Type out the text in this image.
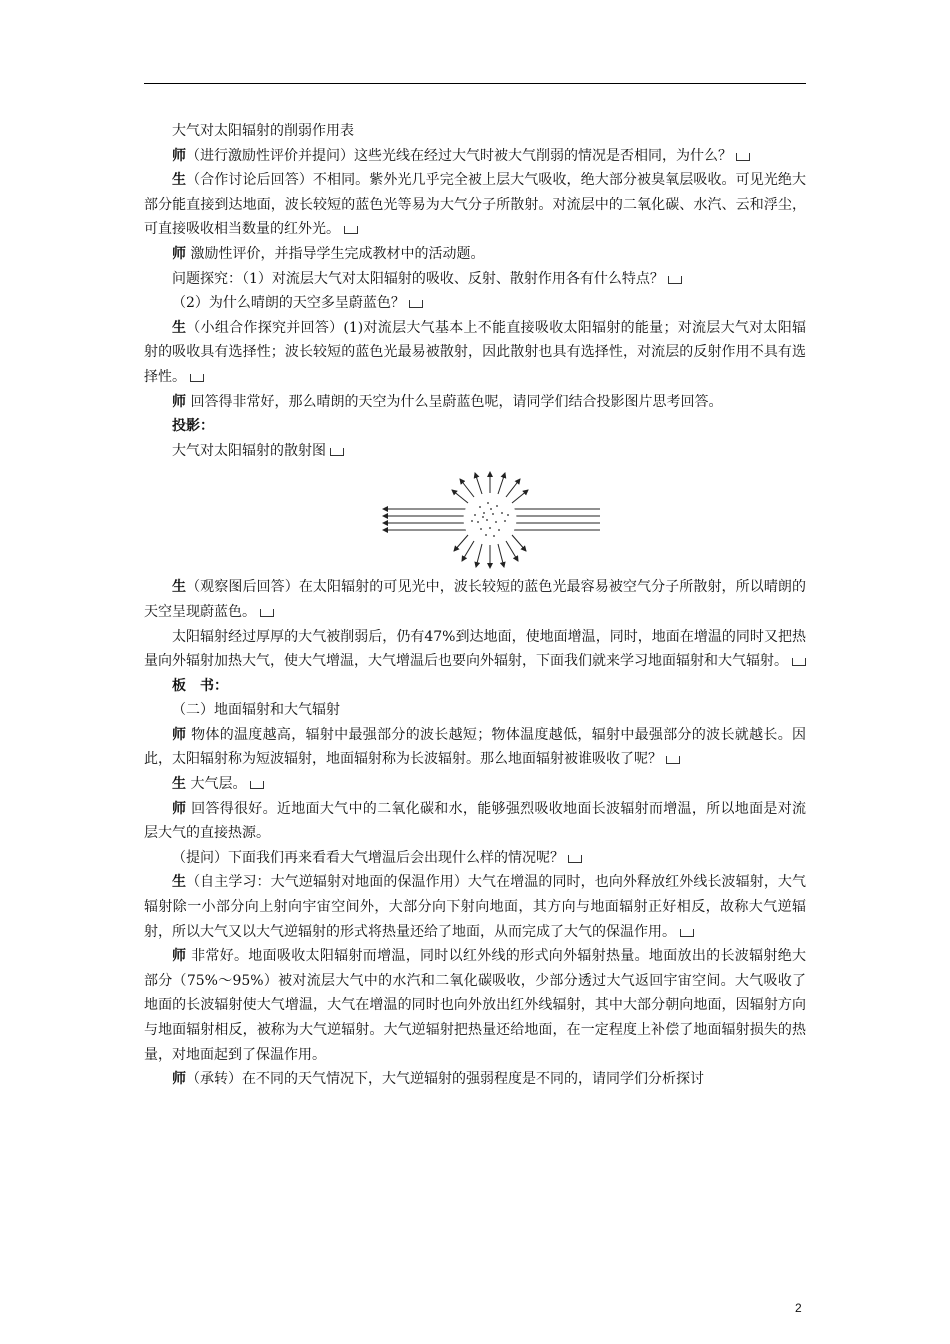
大气对太阳辐射的削弱作用表

师（进行激励性评价并提问）这些光线在经过大气时被大气削弱的情况是否相同，为什么？

生（合作讨论后回答）不相同。紫外光几乎完全被上层大气吸收，绝大部分被臭氧层吸收。可见光绝大部分能直接到达地面，波长较短的蓝色光等易为大气分子所散射。对流层中的二氧化碳、水汽、云和浮尘，可直接吸收相当数量的红外光。

师 激励性评价，并指导学生完成教材中的活动题。

问题探究：（1）对流层大气对太阳辐射的吸收、反射、散射作用各有什么特点？

（2）为什么晴朗的天空多呈蔚蓝色？

生（小组合作探究并回答）(1)对流层大气基本上不能直接吸收太阳辐射的能量；对流层大气对太阳辐射的吸收具有选择性；波长较短的蓝色光最易被散射，因此散射也具有选择性，对流层的反射作用不具有选择性。

师 回答得非常好，那么晴朗的天空为什么呈蔚蓝色呢，请同学们结合投影图片思考回答。

投影：

大气对太阳辐射的散射图

生（观察图后回答）在太阳辐射的可见光中，波长较短的蓝色光最容易被空气分子所散射，所以晴朗的天空呈现蔚蓝色。

太阳辐射经过厚厚的大气被削弱后，仍有47%到达地面，使地面增温，同时，地面在增温的同时又把热量向外辐射加热大气，使大气增温，大气增温后也要向外辐射，下面我们就来学习地面辐射和大气辐射。

板　书：

（二）地面辐射和大气辐射

师 物体的温度越高，辐射中最强部分的波长越短；物体温度越低，辐射中最强部分的波长就越长。因此，太阳辐射称为短波辐射，地面辐射称为长波辐射。那么地面辐射被谁吸收了呢？

生 大气层。

师 回答得很好。近地面大气中的二氧化碳和水，能够强烈吸收地面长波辐射而增温，所以地面是对流层大气的直接热源。

（提问）下面我们再来看看大气增温后会出现什么样的情况呢？

生（自主学习：大气逆辐射对地面的保温作用）大气在增温的同时，也向外释放红外线长波辐射，大气辐射除一小部分向上射向宇宙空间外，大部分向下射向地面，其方向与地面辐射正好相反，故称大气逆辐射，所以大气又以大气逆辐射的形式将热量还给了地面，从而完成了大气的保温作用。

师 非常好。地面吸收太阳辐射而增温，同时以红外线的形式向外辐射热量。地面放出的长波辐射绝大部分（75%～95%）被对流层大气中的水汽和二氧化碳吸收，少部分透过大气返回宇宙空间。大气吸收了地面的长波辐射使大气增温，大气在增温的同时也向外放出红外线辐射，其中大部分朝向地面，因辐射方向与地面辐射相反，被称为大气逆辐射。大气逆辐射把热量还给地面，在一定程度上补偿了地面辐射损失的热量，对地面起到了保温作用。

师（承转）在不同的天气情况下，大气逆辐射的强弱程度是不同的，请同学们分析探讨

2
